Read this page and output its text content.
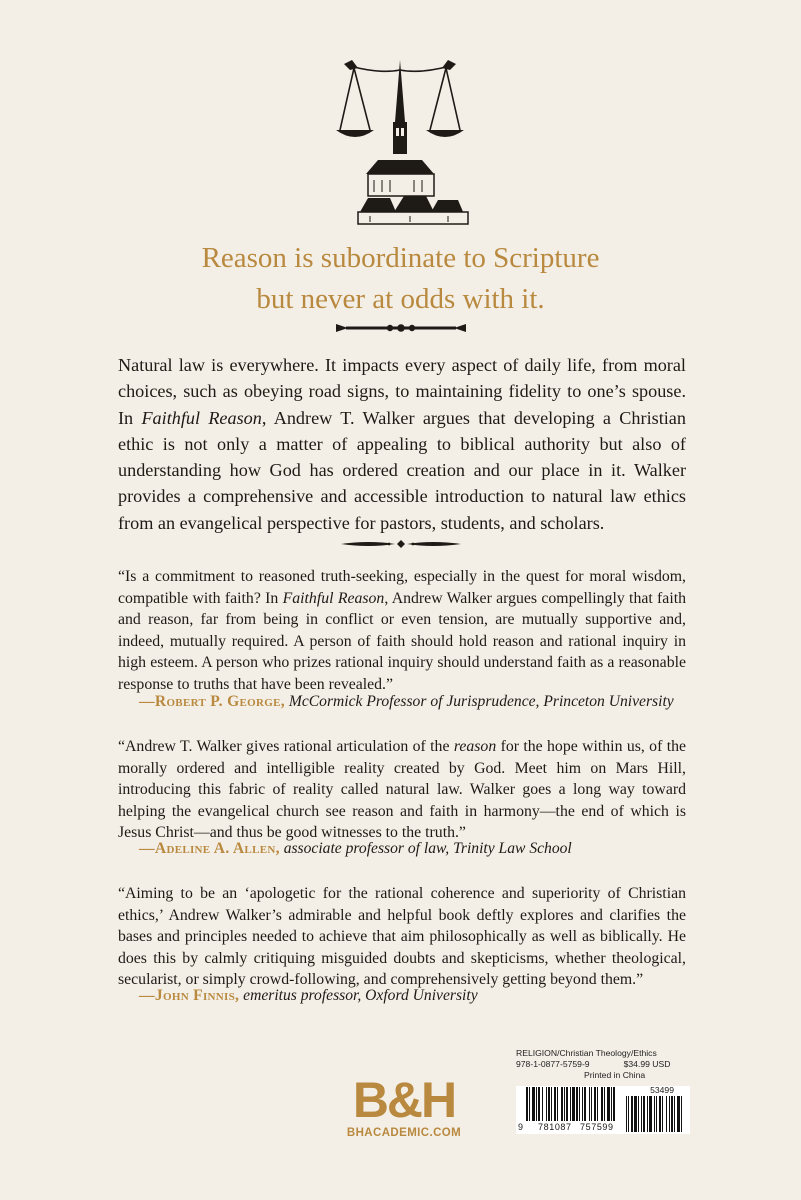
Reason is subordinate to Scripture
but never at odds with it.
Natural law is everywhere. It impacts every aspect of daily life, from moral choices, such as obeying road signs, to maintaining fidelity to one’s spouse. In Faithful Reason, Andrew T. Walker argues that developing a Christian ethic is not only a matter of appealing to biblical authority but also of understanding how God has ordered creation and our place in it. Walker provides a comprehensive and accessible introduction to natural law ethics from an evangelical perspective for pastors, students, and scholars.
“Is a commitment to reasoned truth-seeking, especially in the quest for moral wisdom, compatible with faith? In Faithful Reason, Andrew Walker argues compellingly that faith and reason, far from being in conflict or even tension, are mutually supportive and, indeed, mutually required. A person of faith should hold reason and rational inquiry in high esteem. A person who prizes rational inquiry should understand faith as a reasonable response to truths that have been revealed.”
—Robert P. George, McCormick Professor of Jurisprudence, Princeton University
“Andrew T. Walker gives rational articulation of the reason for the hope within us, of the morally ordered and intelligible reality created by God. Meet him on Mars Hill, introducing this fabric of reality called natural law. Walker goes a long way toward helping the evangelical church see reason and faith in harmony—the end of which is Jesus Christ—and thus be good witnesses to the truth.”
—Adeline A. Allen, associate professor of law, Trinity Law School
“Aiming to be an ‘apologetic for the rational coherence and superiority of Christian ethics,’ Andrew Walker’s admirable and helpful book deftly explores and clarifies the bases and principles needed to achieve that aim philosophically as well as biblically. He does this by calmly critiquing misguided doubts and skepticisms, whether theological, secularist, or simply crowd-following, and comprehensively getting beyond them.”
—John Finnis, emeritus professor, Oxford University
B&H
BHACADEMIC.COM
RELIGION/Christian Theology/Ethics
978-1-0877-5759-9	$34.99 USD
Printed in China
53499
9 781087 757599
